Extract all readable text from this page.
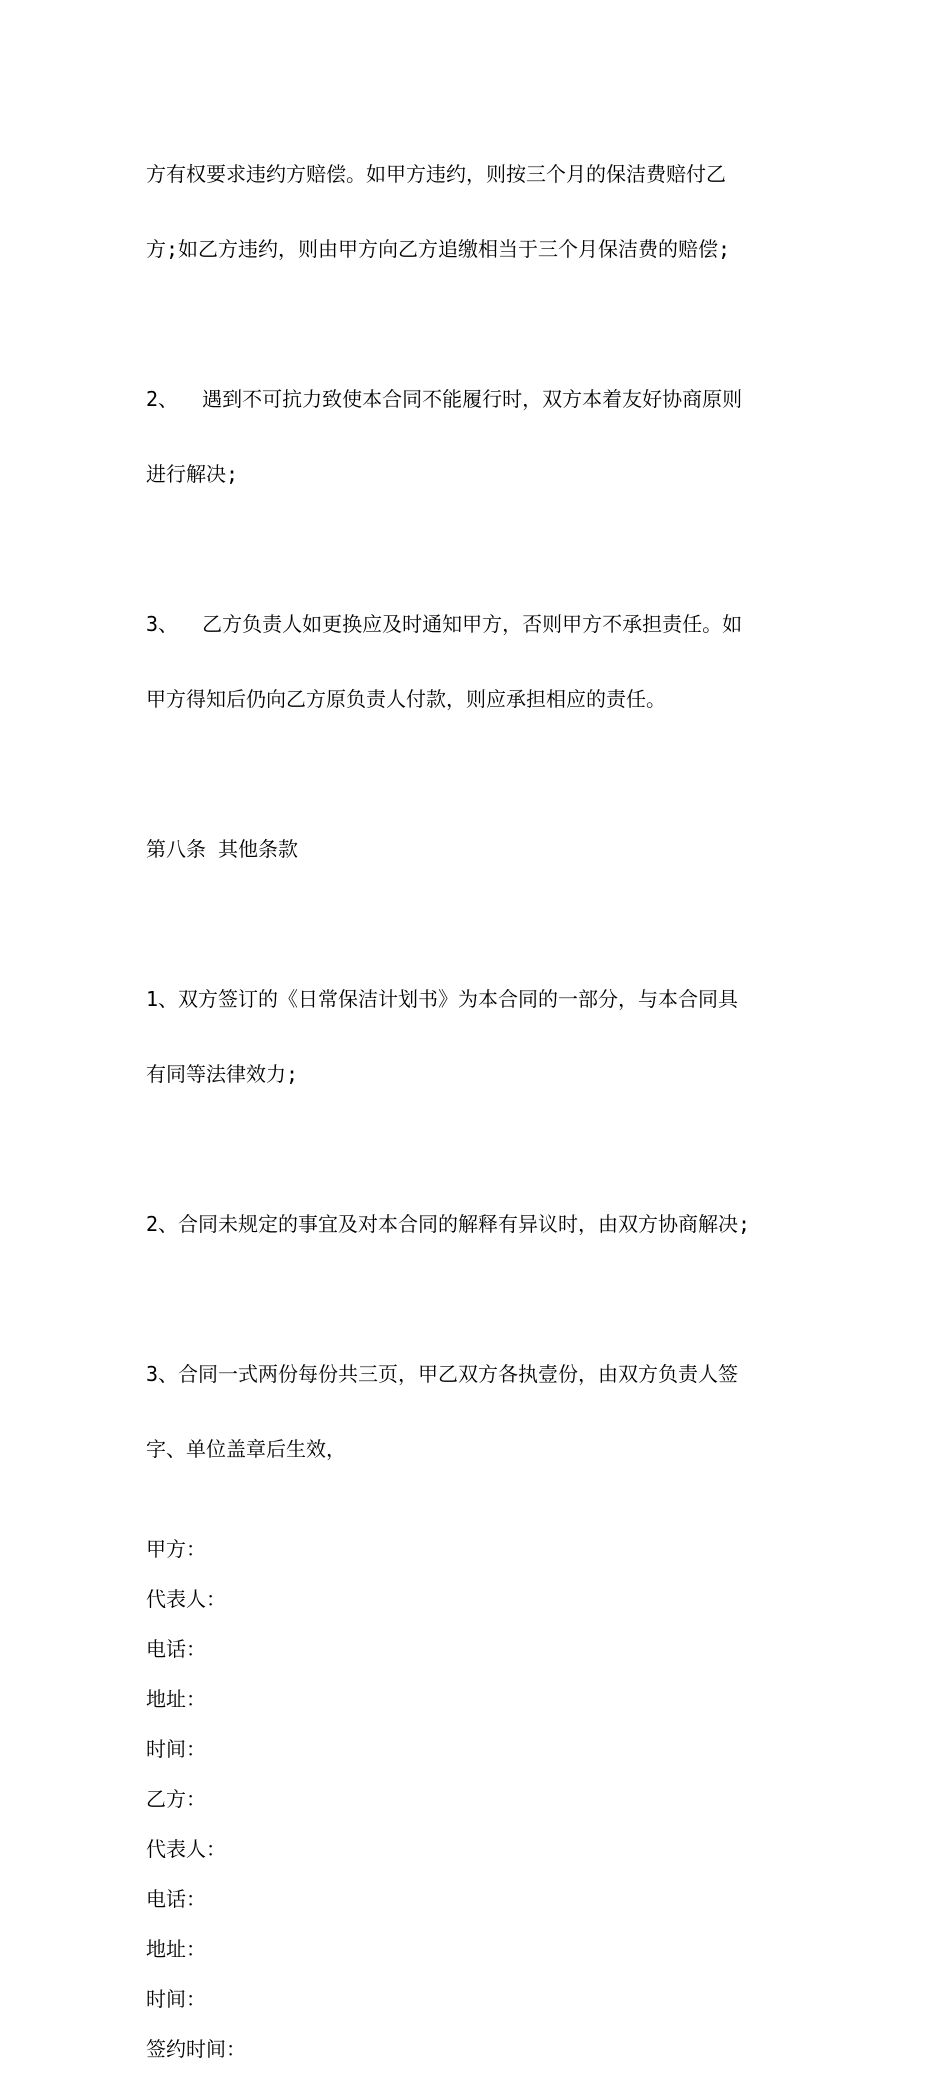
方有权要求违约方赔偿。如甲方违约，则按三个月的保洁费赔付乙

方;如乙方违约，则由甲方向乙方追缴相当于三个月保洁费的赔偿;

2、  遇到不可抗力致使本合同不能履行时，双方本着友好协商原则

进行解决;

3、  乙方负责人如更换应及时通知甲方，否则甲方不承担责任。如

甲方得知后仍向乙方原负责人付款，则应承担相应的责任。

第八条 其他条款

1、双方签订的《日常保洁计划书》为本合同的一部分，与本合同具

有同等法律效力;

2、合同未规定的事宜及对本合同的解释有异议时，由双方协商解决;

3、合同一式两份每份共三页，甲乙双方各执壹份，由双方负责人签

字、单位盖章后生效，

甲方：
代表人：
电话：
地址：
时间：
乙方：
代表人：
电话：
地址：
时间：
签约时间：
